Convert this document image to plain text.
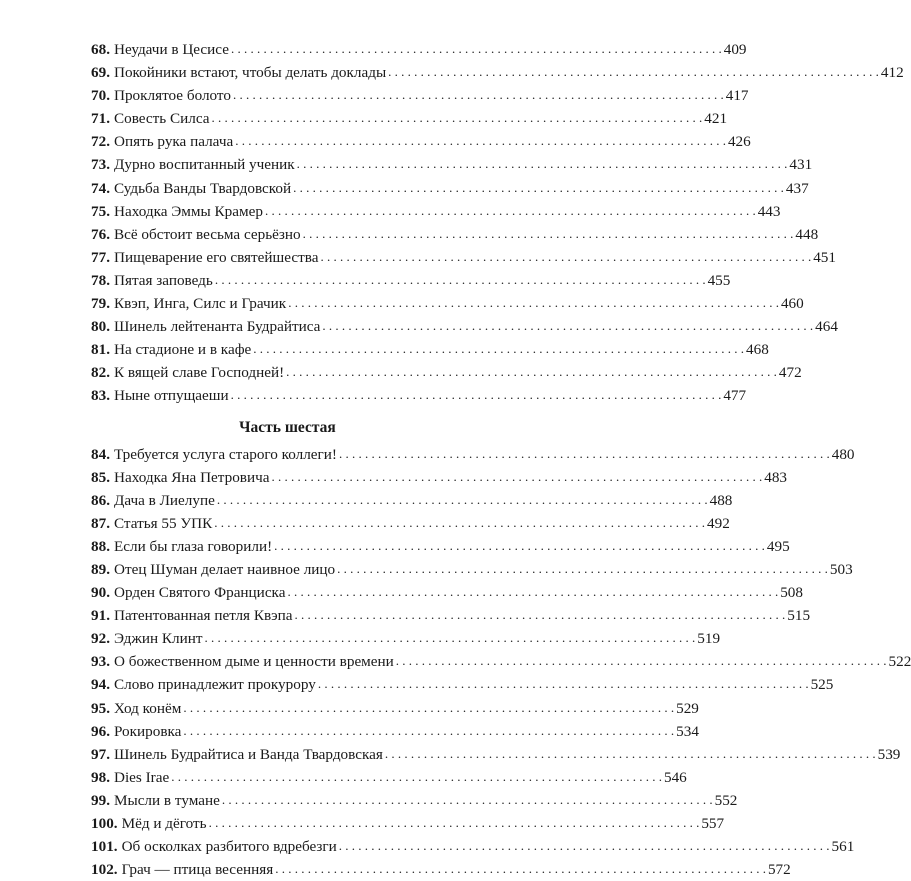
68. Неудачи в Цесисе . . .	409
69. Покойники встают, чтобы делать доклады . . .	412
70. Проклятое болото . . .	417
71. Совесть Силса . . .	421
72. Опять рука палача . . .	426
73. Дурно воспитанный ученик . . .	431
74. Судьба Ванды Твардовской . . .	437
75. Находка Эммы Крамер . . .	443
76. Всё обстоит весьма серьёзно . . .	448
77. Пищеварение его святейшества . . .	451
78. Пятая заповедь . . .	455
79. Квэп, Инга, Силс и Грачик . . .	460
80. Шинель лейтенанта Будрайтиса . . .	464
81. На стадионе и в кафе . . .	468
82. К вящей славе Господней! . . .	472
83. Ныне отпущаеши . . .	477
Часть шестая
84. Требуется услуга старого коллеги! . . .	480
85. Находка Яна Петровича . . .	483
86. Дача в Лиелупе . . .	488
87. Статья 55 УПК . . .	492
88. Если бы глаза говорили! . . .	495
89. Отец Шуман делает наивное лицо . . .	503
90. Орден Святого Франциска . . .	508
91. Патентованная петля Квэпа . . .	515
92. Эджин Клинт . . .	519
93. О божественном дыме и ценности времени . . .	522
94. Слово принадлежит прокурору . . .	525
95. Ход конём . . .	529
96. Рокировка . . .	534
97. Шинель Будрайтиса и Ванда Твардовская . . .	539
98. Dies Irae . . .	546
99. Мысли в тумане . . .	552
100. Мёд и дёготь . . .	557
101. Об осколках разбитого вдребезги . . .	561
102. Грач — птица весенняя . . .	572
